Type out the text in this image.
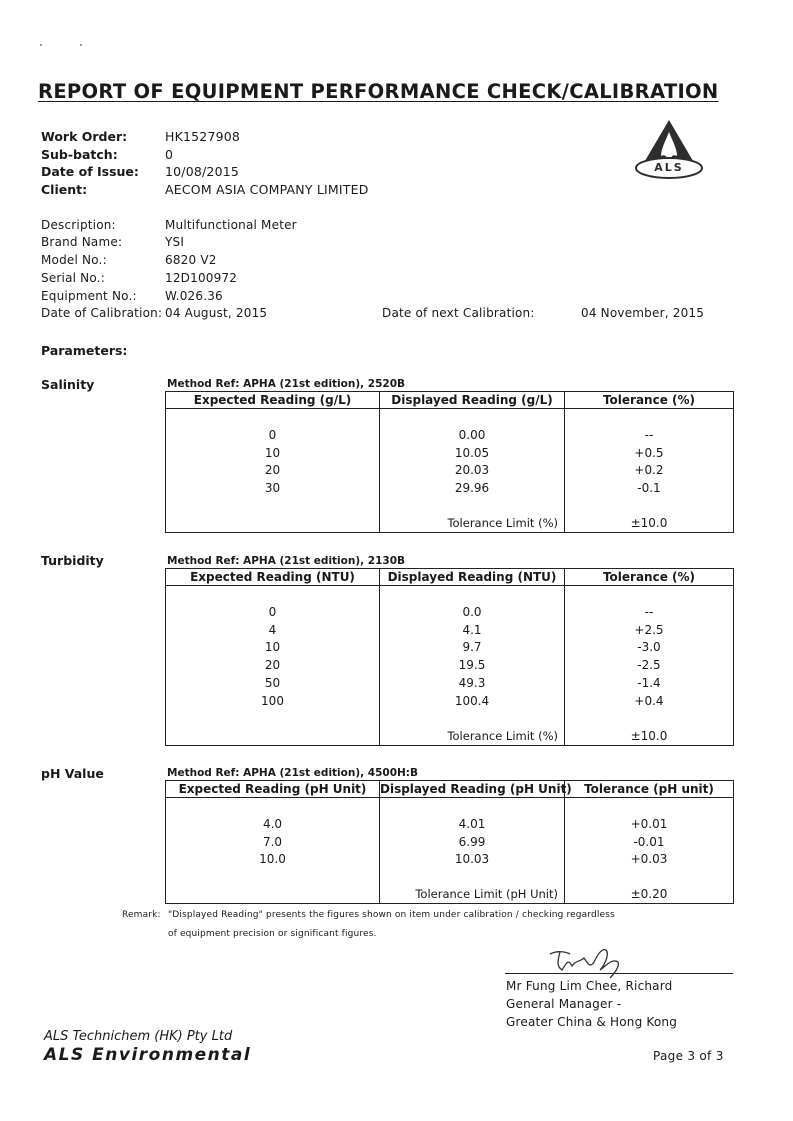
REPORT OF EQUIPMENT PERFORMANCE CHECK/CALIBRATION
ALS
Work Order:	HK1527908
Sub-batch:	0
Date of Issue: 10/08/2015
Client:	AECOM ASIA COMPANY LIMITED
Description:	Multifunctional Meter
Brand Name:	YSI
Model No.:	6820 V2
Serial No.:	12D100972
Equipment No.: W.026.36
Date of Calibration: 04 August, 2015	Date of next Calibration:	04 November, 2015
Parameters:
Salinity	Method Ref: APHA (21st edition), 2520B
Expected Reading (g/L)	Displayed Reading (g/L)	Tolerance (%)

0	0.00	--
10	10.05	+0.5
20	20.03	+0.2
30	29.96	-0.1

	Tolerance Limit (%)	±10.0
Turbidity	Method Ref: APHA (21st edition), 2130B
Expected Reading (NTU)	Displayed Reading (NTU)	Tolerance (%)

0	0.0	--
4	4.1	+2.5
10	9.7	-3.0
20	19.5	-2.5
50	49.3	-1.4
100	100.4	+0.4

	Tolerance Limit (%)	±10.0
pH Value	Method Ref: APHA (21st edition), 4500H:B
Expected Reading (pH Unit)	Displayed Reading (pH Unit)	Tolerance (pH unit)

4.0	4.01	+0.01
7.0	6.99	-0.01
10.0	10.03	+0.03

	Tolerance Limit (pH Unit)	±0.20
Remark: "Displayed Reading" presents the figures shown on item under calibration / checking regardless
of equipment precision or significant figures.
Mr Fung Lim Chee, Richard
General Manager -
Greater China & Hong Kong
ALS Technichem (HK) Pty Ltd
ALS Environmental	Page 3 of 3
